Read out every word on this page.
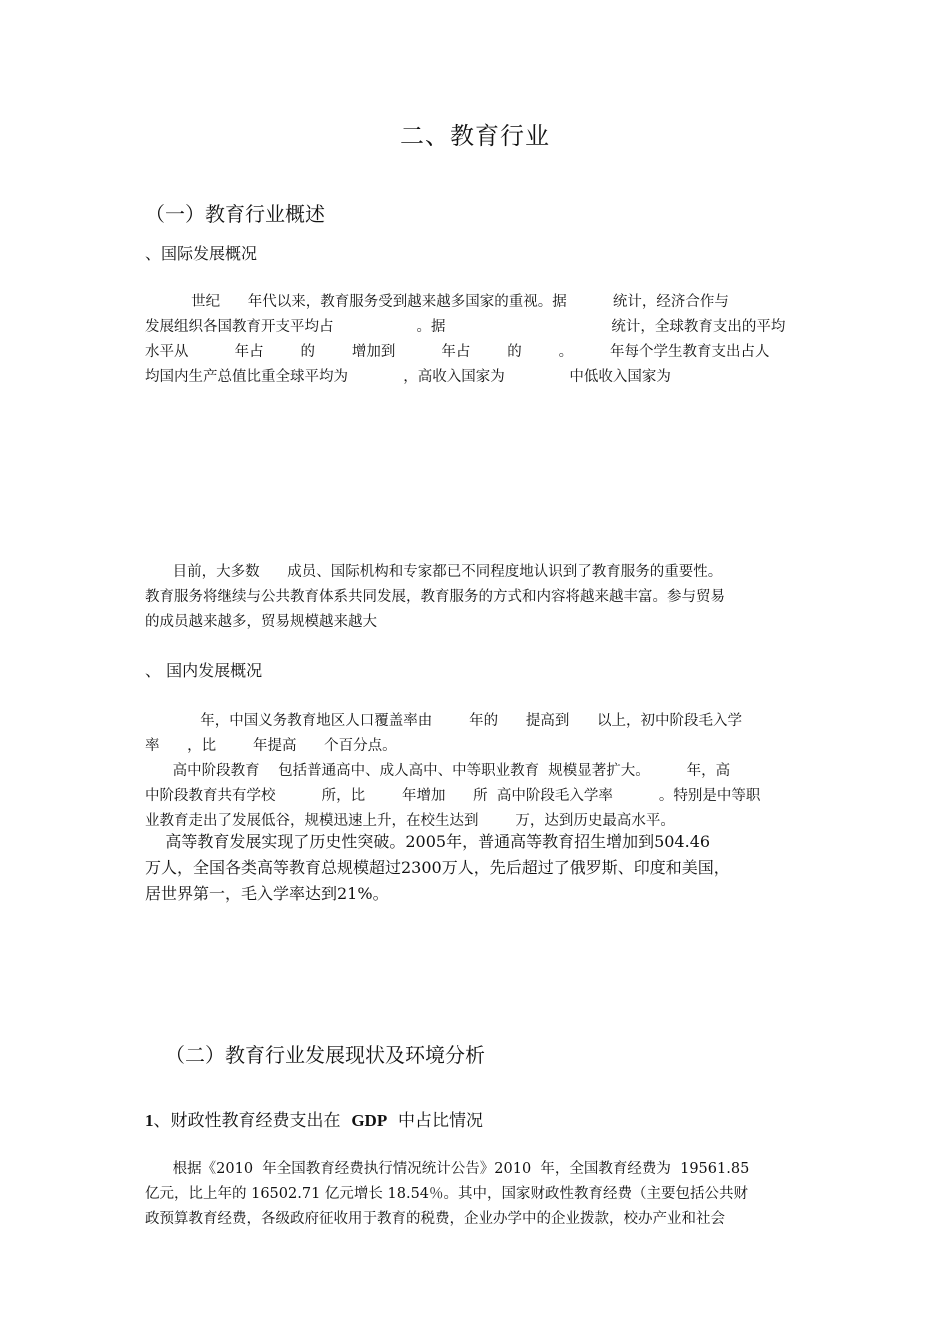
二、教育行业
（一）教育行业概述
、国际发展概况
世纪      年代以来，教育服务受到越来越多国家的重视。据          统计，经济合作与
发展组织各国教育开支平均占                  。据                                    统计，全球教育支出的平均
水平从          年占        的        增加到          年占        的        。        年每个学生教育支出占人
均国内生产总值比重全球平均为            ，高收入国家为              中低收入国家为
目前，大多数      成员、国际机构和专家都已不同程度地认识到了教育服务的重要性。
教育服务将继续与公共教育体系共同发展，教育服务的方式和内容将越来越丰富。参与贸易
的成员越来越多，贸易规模越来越大
、 国内发展概况
年，中国义务教育地区人口覆盖率由        年的      提高到      以上，初中阶段毛入学
率      ，比        年提高      个百分点。
高中阶段教育    包括普通高中、成人高中、中等职业教育  规模显著扩大。        年，高
中阶段教育共有学校          所，比        年增加      所  高中阶段毛入学率          。特别是中等职
业教育走出了发展低谷，规模迅速上升，在校生达到        万，达到历史最高水平。
高等教育发展实现了历史性突破。2005年，普通高等教育招生增加到504.46
万人，全国各类高等教育总规模超过2300万人，先后超过了俄罗斯、印度和美国，
居世界第一，毛入学率达到21%。
（二）教育行业发展现状及环境分析
1、财政性教育经费支出在  GDP  中占比情况
根据《2010  年全国教育经费执行情况统计公告》2010  年，全国教育经费为  19561.85
亿元，比上年的 16502.71 亿元增长 18.54％。其中，国家财政性教育经费（主要包括公共财
政预算教育经费，各级政府征收用于教育的税费，企业办学中的企业拨款，校办产业和社会
